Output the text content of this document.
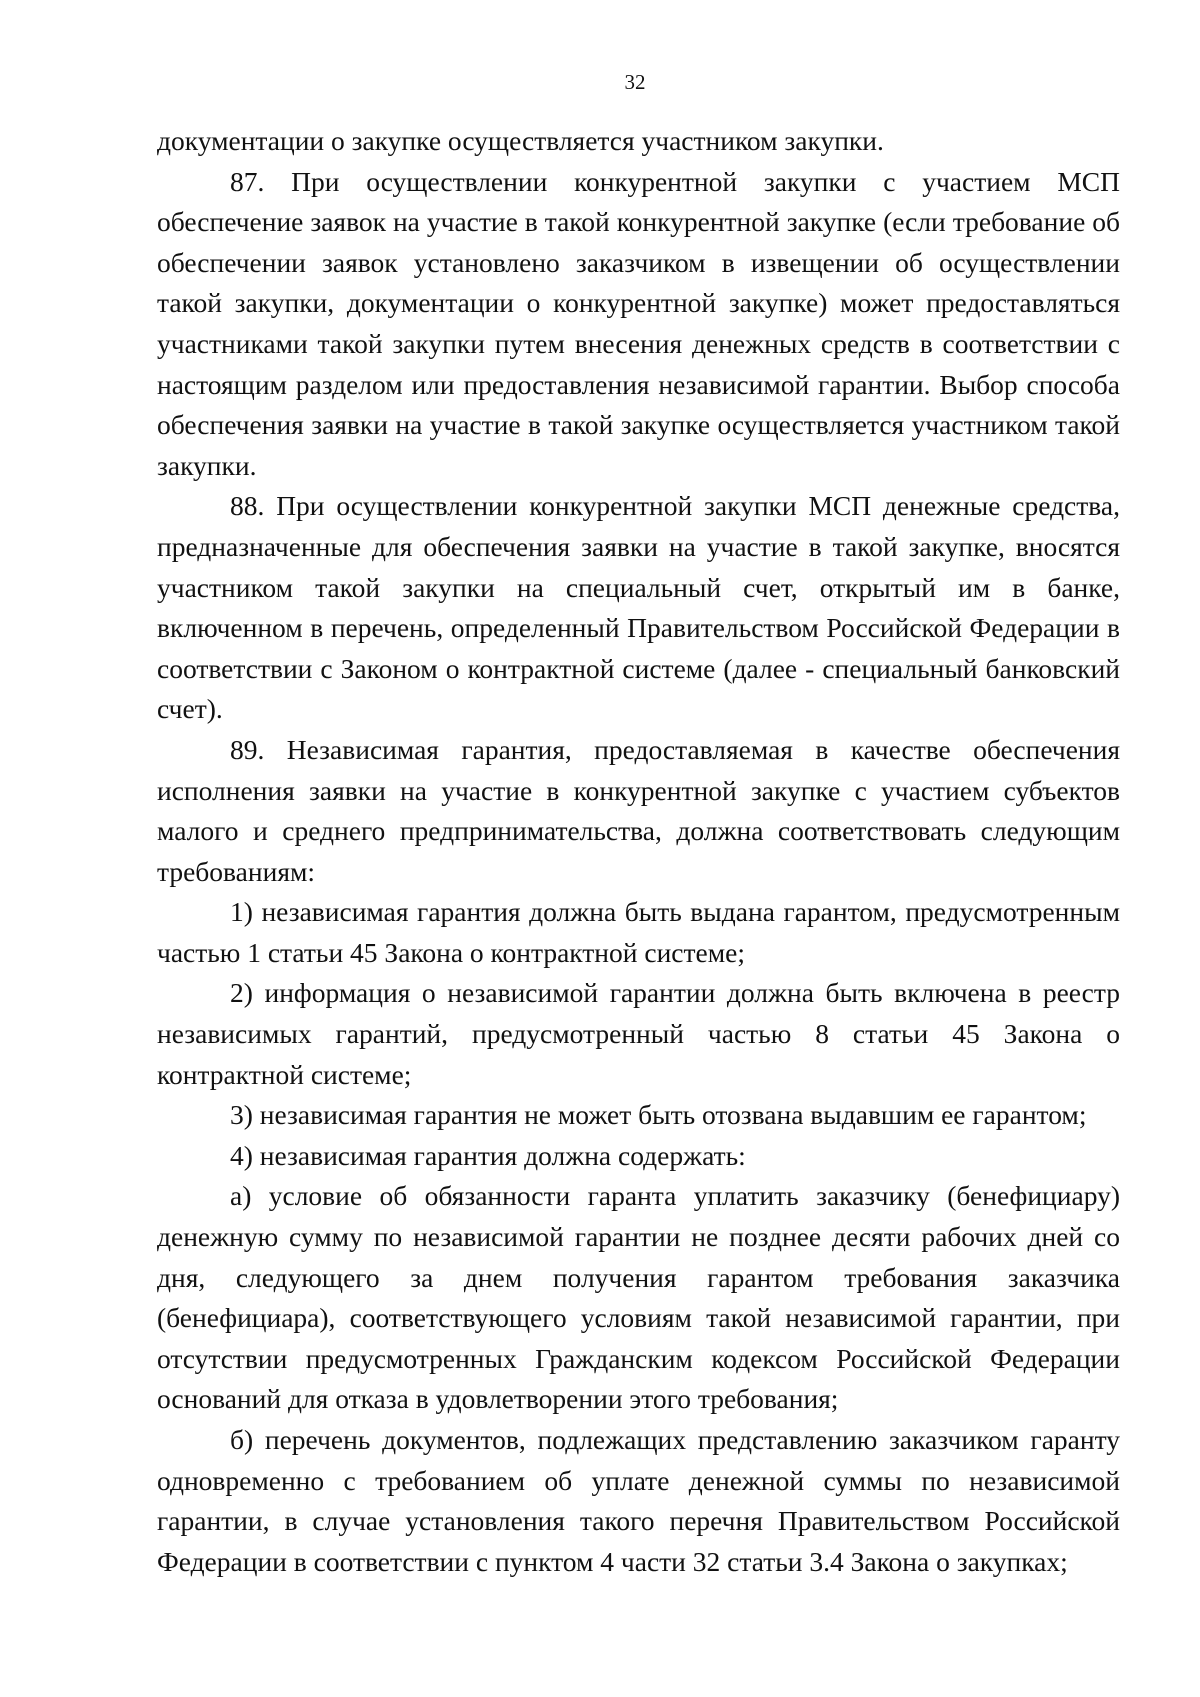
32

документации о закупке осуществляется участником закупки.

87. При осуществлении конкурентной закупки с участием МСП обеспечение заявок на участие в такой конкурентной закупке (если требование об обеспечении заявок установлено заказчиком в извещении об осуществлении такой закупки, документации о конкурентной закупке) может предоставляться участниками такой закупки путем внесения денежных средств в соответствии с настоящим разделом или предоставления независимой гарантии. Выбор способа обеспечения заявки на участие в такой закупке осуществляется участником такой закупки.

88. При осуществлении конкурентной закупки МСП денежные средства, предназначенные для обеспечения заявки на участие в такой закупке, вносятся участником такой закупки на специальный счет, открытый им в банке, включенном в перечень, определенный Правительством Российской Федерации в соответствии с Законом о контрактной системе (далее - специальный банковский счет).

89. Независимая гарантия, предоставляемая в качестве обеспечения исполнения заявки на участие в конкурентной закупке с участием субъектов малого и среднего предпринимательства, должна соответствовать следующим требованиям:

1) независимая гарантия должна быть выдана гарантом, предусмотренным частью 1 статьи 45 Закона о контрактной системе;

2) информация о независимой гарантии должна быть включена в реестр независимых гарантий, предусмотренный частью 8 статьи 45 Закона о контрактной системе;

3) независимая гарантия не может быть отозвана выдавшим ее гарантом;

4) независимая гарантия должна содержать:

а) условие об обязанности гаранта уплатить заказчику (бенефициару) денежную сумму по независимой гарантии не позднее десяти рабочих дней со дня, следующего за днем получения гарантом требования заказчика (бенефициара), соответствующего условиям такой независимой гарантии, при отсутствии предусмотренных Гражданским кодексом Российской Федерации оснований для отказа в удовлетворении этого требования;

б) перечень документов, подлежащих представлению заказчиком гаранту одновременно с требованием об уплате денежной суммы по независимой гарантии, в случае установления такого перечня Правительством Российской Федерации в соответствии с пунктом 4 части 32 статьи 3.4 Закона о закупках;
